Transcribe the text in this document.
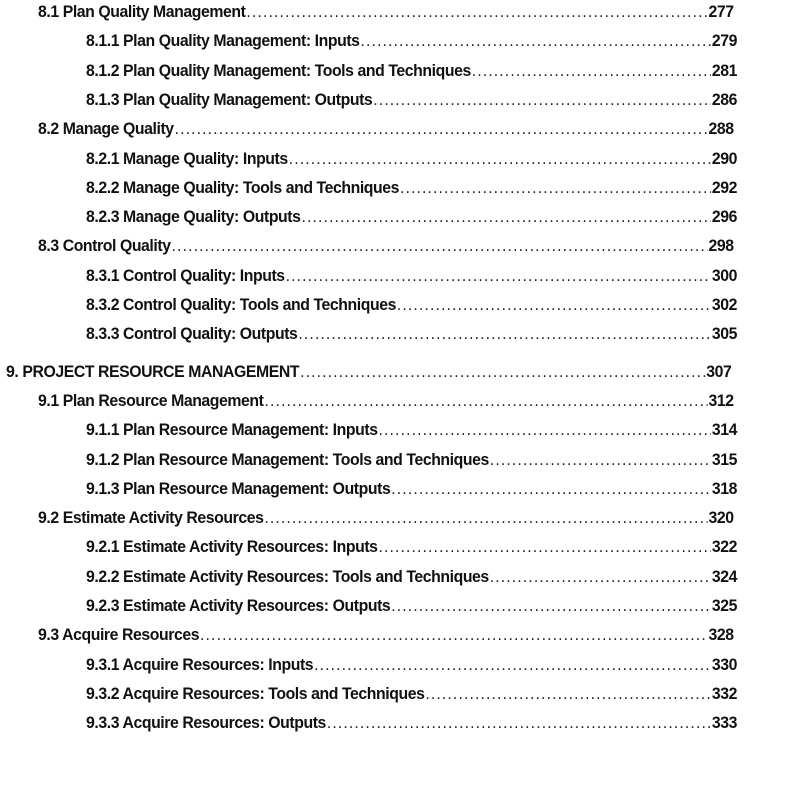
8.1 Plan Quality Management .....	277
8.1.1 Plan Quality Management: Inputs .....	279
8.1.2 Plan Quality Management: Tools and Techniques .....	281
8.1.3 Plan Quality Management: Outputs .....	286
8.2 Manage Quality .....	288
8.2.1 Manage Quality: Inputs .....	290
8.2.2 Manage Quality: Tools and Techniques .....	292
8.2.3 Manage Quality: Outputs .....	296
8.3 Control Quality .....	298
8.3.1 Control Quality: Inputs .....	300
8.3.2 Control Quality: Tools and Techniques .....	302
8.3.3 Control Quality: Outputs .....	305
9. PROJECT RESOURCE MANAGEMENT .....	307
9.1 Plan Resource Management .....	312
9.1.1 Plan Resource Management: Inputs .....	314
9.1.2 Plan Resource Management: Tools and Techniques .....	315
9.1.3 Plan Resource Management: Outputs .....	318
9.2 Estimate Activity Resources .....	320
9.2.1 Estimate Activity Resources: Inputs .....	322
9.2.2 Estimate Activity Resources: Tools and Techniques .....	324
9.2.3 Estimate Activity Resources: Outputs .....	325
9.3 Acquire Resources .....	328
9.3.1 Acquire Resources: Inputs .....	330
9.3.2 Acquire Resources: Tools and Techniques .....	332
9.3.3 Acquire Resources: Outputs .....	333
